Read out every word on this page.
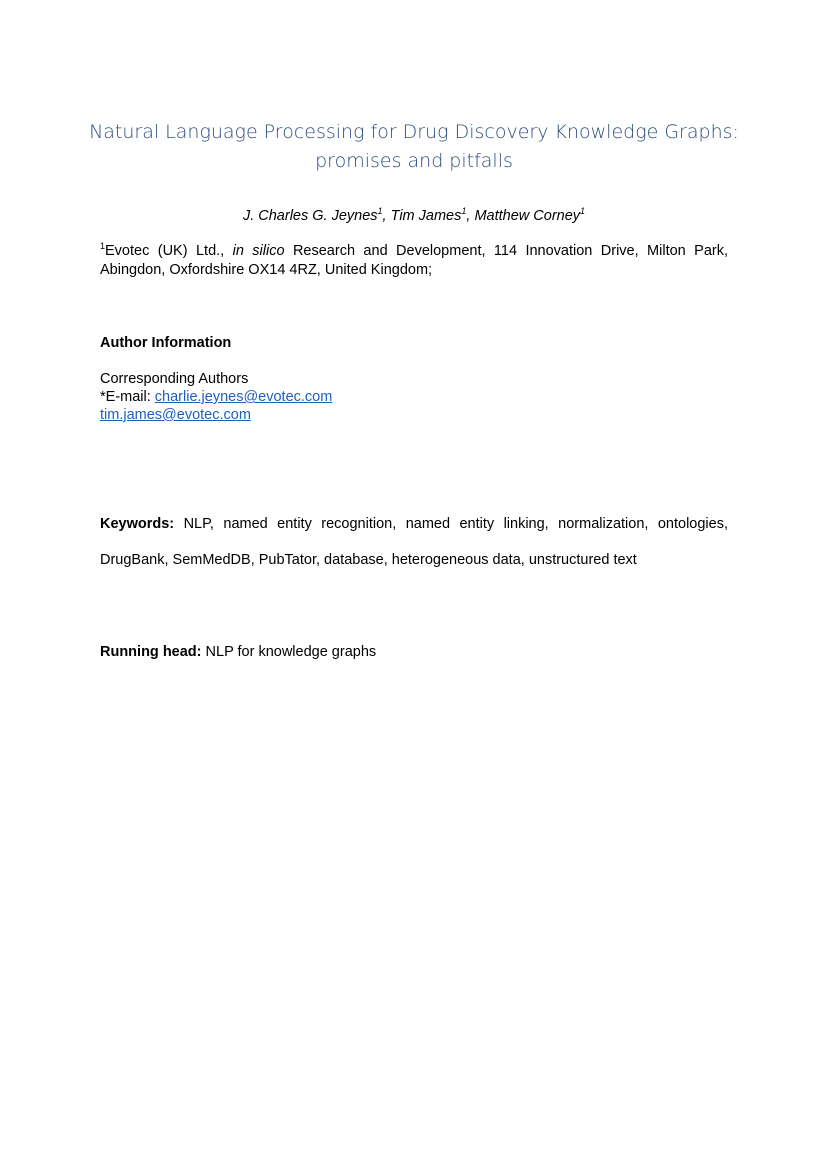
Natural Language Processing for Drug Discovery Knowledge Graphs:
promises and pitfalls
J. Charles G. Jeynes$^1$, Tim James$^1$, Matthew Corney$^1$
$^1$Evotec (UK) Ltd., in silico Research and Development, 114 Innovation Drive, Milton Park,
Abingdon, Oxfordshire OX14 4RZ, United Kingdom;
Author Information
Corresponding Authors
*E-mail: charlie.jeynes@evotec.com
tim.james@evotec.com
Keywords: NLP, named entity recognition, named entity linking, normalization, ontologies,
DrugBank, SemMedDB, PubTator, database, heterogeneous data, unstructured text
Running head: NLP for knowledge graphs
